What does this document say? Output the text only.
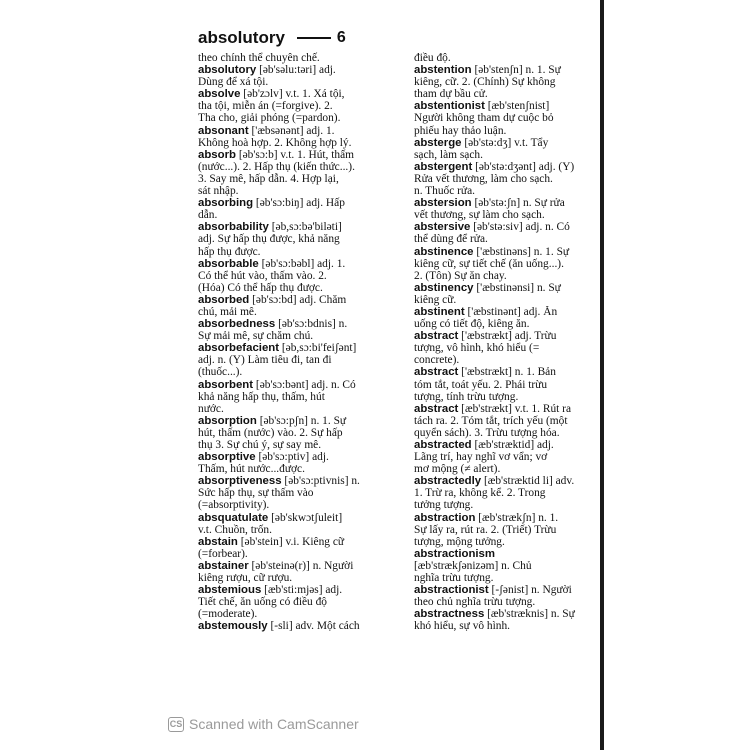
absolutory	6
theo chính thể chuyên chế.
absolutory [əb'səlu:təri] adj.
Dùng để xá tội.
absolve [əb'zɔlv] v.t. 1. Xá tội,
tha tội, miễn án (=forgive). 2.
Tha cho, giải phóng (=pardon).
absonant ['æbsənənt] adj. 1.
Không hoà hợp. 2. Không hợp lý.
absorb [əb'sɔ:b] v.t. 1. Hút, thấm
(nước...). 2. Hấp thụ (kiến thức...).
3. Say mê, hấp dẫn. 4. Hợp lại,
sát nhập.
absorbing [əb'sɔ:biŋ] adj. Hấp
dẫn.
absorbability [əb,sɔ:bə'biləti]
adj. Sự hấp thụ được, khả năng
hấp thụ được.
absorbable [əb'sɔ:bəbl] adj. 1.
Có thể hút vào, thấm vào. 2.
(Hóa) Có thể hấp thụ được.
absorbed [əb'sɔ:bd] adj. Chăm
chú, mải mê.
absorbedness [əb'sɔ:bdnis] n.
Sự mải mê, sự chăm chú.
absorbefacient [əb,sɔ:bi'feiʃənt]
adj. n. (Y) Làm tiêu đi, tan đi
(thuốc...).
absorbent [əb'sɔ:bənt] adj. n. Có
khả năng hấp thụ, thấm, hút
nước.
absorption [əb'sɔ:pʃn] n. 1. Sự
hút, thấm (nước) vào. 2. Sự hấp
thụ 3. Sự chú ý, sự say mê.
absorptive [əb'sɔ:ptiv] adj.
Thấm, hút nước...được.
absorptiveness [əb'sɔ:ptivnis] n.
Sức hấp thụ, sự thấm vào
(=absorptivity).
absquatulate [əb'skwɔtʃuleit]
v.t. Chuồn, trốn.
abstain [əb'stein] v.i. Kiêng cữ
(=forbear).
abstainer [əb'steinə(r)] n. Người
kiêng rượu, cữ rượu.
abstemious [æb'sti:mjəs] adj.
Tiết chế, ăn uống có điều độ
(=moderate).
abstemously [-sli] adv. Một cách
điều độ.
abstention [əb'stenʃn] n. 1. Sự
kiêng, cữ. 2. (Chính) Sự không
tham dự bầu cử.
abstentionist [æb'stenʃnist]
Người không tham dự cuộc bỏ
phiếu hay thảo luận.
absterge [əb'stə:dʒ] v.t. Tẩy
sạch, làm sạch.
abstergent [əb'stə:dʒənt] adj. (Y)
Rửa vết thương, làm cho sạch.
n. Thuốc rửa.
abstersion [əb'stə:ʃn] n. Sự rửa
vết thương, sự làm cho sạch.
abstersive [əb'stə:siv] adj. n. Có
thể dùng để rửa.
abstinence ['æbstinəns] n. 1. Sự
kiêng cữ, sự tiết chế (ăn uống...).
2. (Tôn) Sự ăn chay.
abstinency ['æbstinənsi] n. Sự
kiêng cữ.
abstinent ['æbstinənt] adj. Ăn
uống có tiết độ, kiêng ăn.
abstract ['æbstrækt] adj. Trừu
tượng, vô hình, khó hiểu (=
concrete).
abstract ['æbstrækt] n. 1. Bản
tóm tắt, toát yếu. 2. Phái trừu
tượng, tính trừu tượng.
abstract [æb'strækt] v.t. 1. Rút ra
tách ra. 2. Tóm tắt, trích yếu (một
quyển sách). 3. Trừu tượng hóa.
abstracted [æb'stræktid] adj.
Lãng trí, hay nghĩ vơ vẩn; vơ
mơ mộng (≠ alert).
abstractedly [æb'stræktid li] adv.
1. Trừ ra, không kể. 2. Trong
tưởng tượng.
abstraction [æb'strækʃn] n. 1.
Sự lấy ra, rút ra. 2. (Triết) Trừu
tượng, mộng tưởng.
abstractionism
[æb'strækʃənizəm] n. Chủ
nghĩa trừu tượng.
abstractionist [-ʃənist] n. Người
theo chủ nghĩa trừu tượng.
abstractness [æb'stræknis] n. Sự
khó hiểu, sự vô hình.
CS Scanned with CamScanner
